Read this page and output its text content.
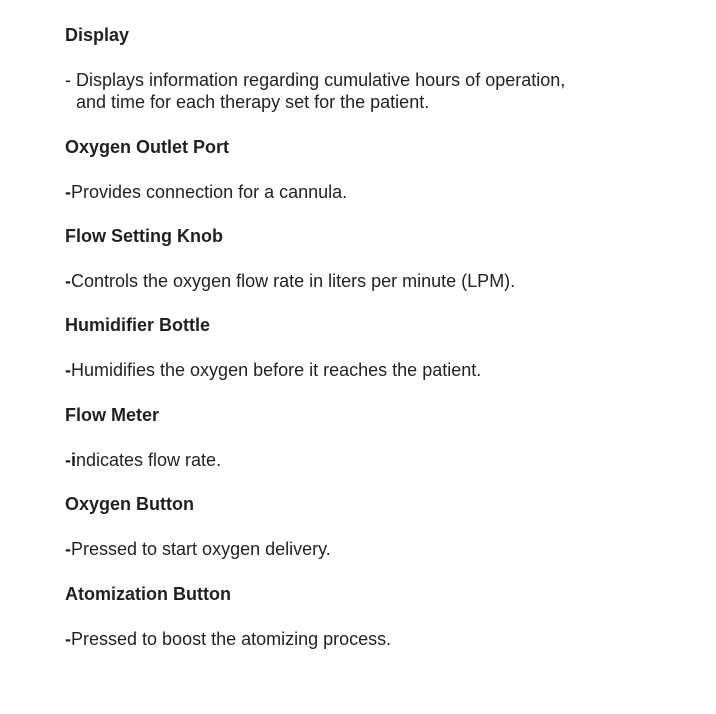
Display

- Displays information regarding cumulative hours of operation,
and time for each therapy set for the patient.

Oxygen Outlet Port

-Provides connection for a cannula.

Flow Setting Knob

-Controls the oxygen flow rate in liters per minute (LPM).

Humidifier Bottle

-Humidifies the oxygen before it reaches the patient.

Flow Meter

-indicates flow rate.

Oxygen Button

-Pressed to start oxygen delivery.

Atomization Button

-Pressed to boost the atomizing process.
